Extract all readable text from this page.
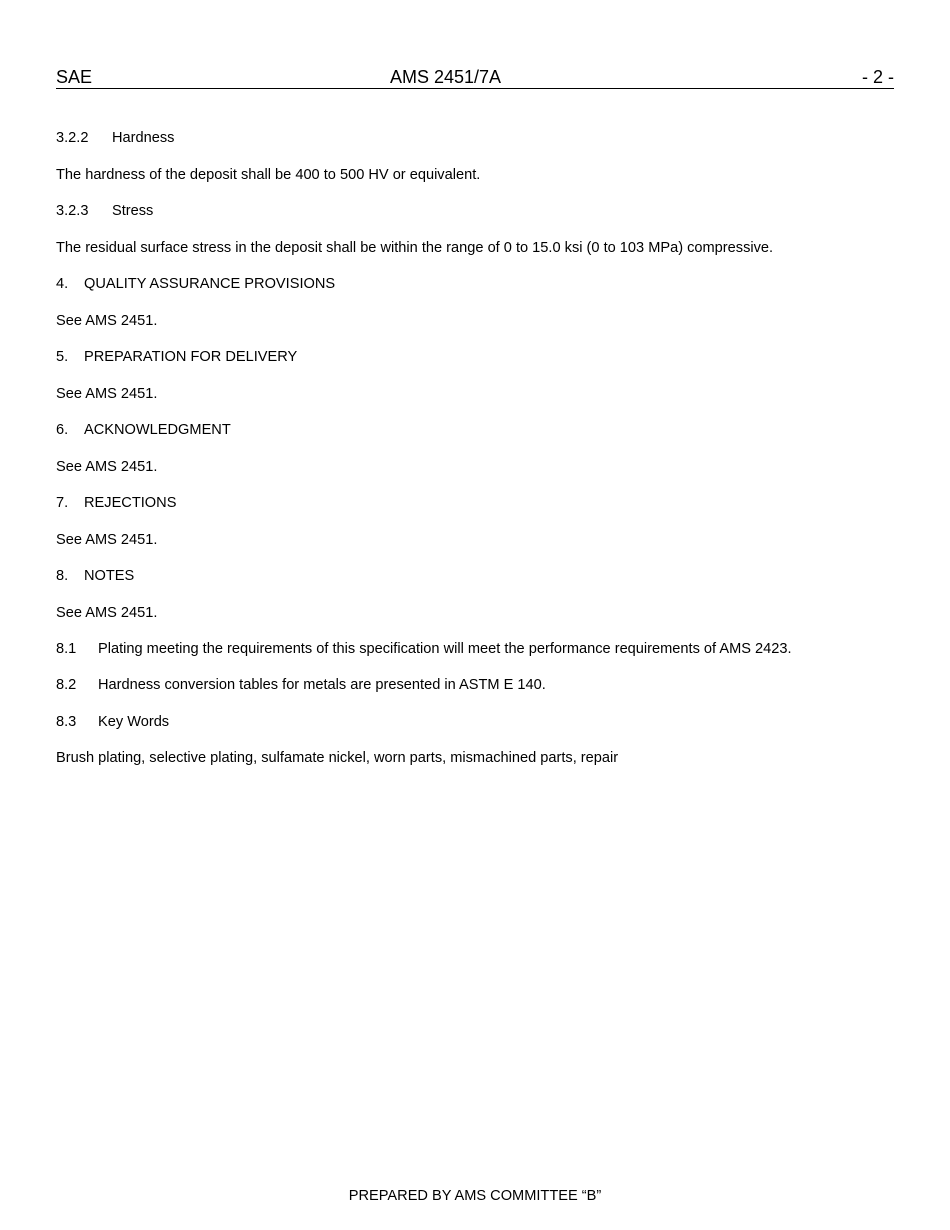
SAE	AMS 2451/7A	- 2 -
3.2.2 Hardness
The hardness of the deposit shall be 400 to 500 HV or equivalent.
3.2.3 Stress
The residual surface stress in the deposit shall be within the range of 0 to 15.0 ksi (0 to 103 MPa) compressive.
4. QUALITY ASSURANCE PROVISIONS
See AMS 2451.
5. PREPARATION FOR DELIVERY
See AMS 2451.
6. ACKNOWLEDGMENT
See AMS 2451.
7. REJECTIONS
See AMS 2451.
8. NOTES
See AMS 2451.
8.1 Plating meeting the requirements of this specification will meet the performance requirements of AMS 2423.
8.2 Hardness conversion tables for metals are presented in ASTM E 140.
8.3 Key Words
Brush plating, selective plating, sulfamate nickel, worn parts, mismachined parts, repair
PREPARED BY AMS COMMITTEE “B”
